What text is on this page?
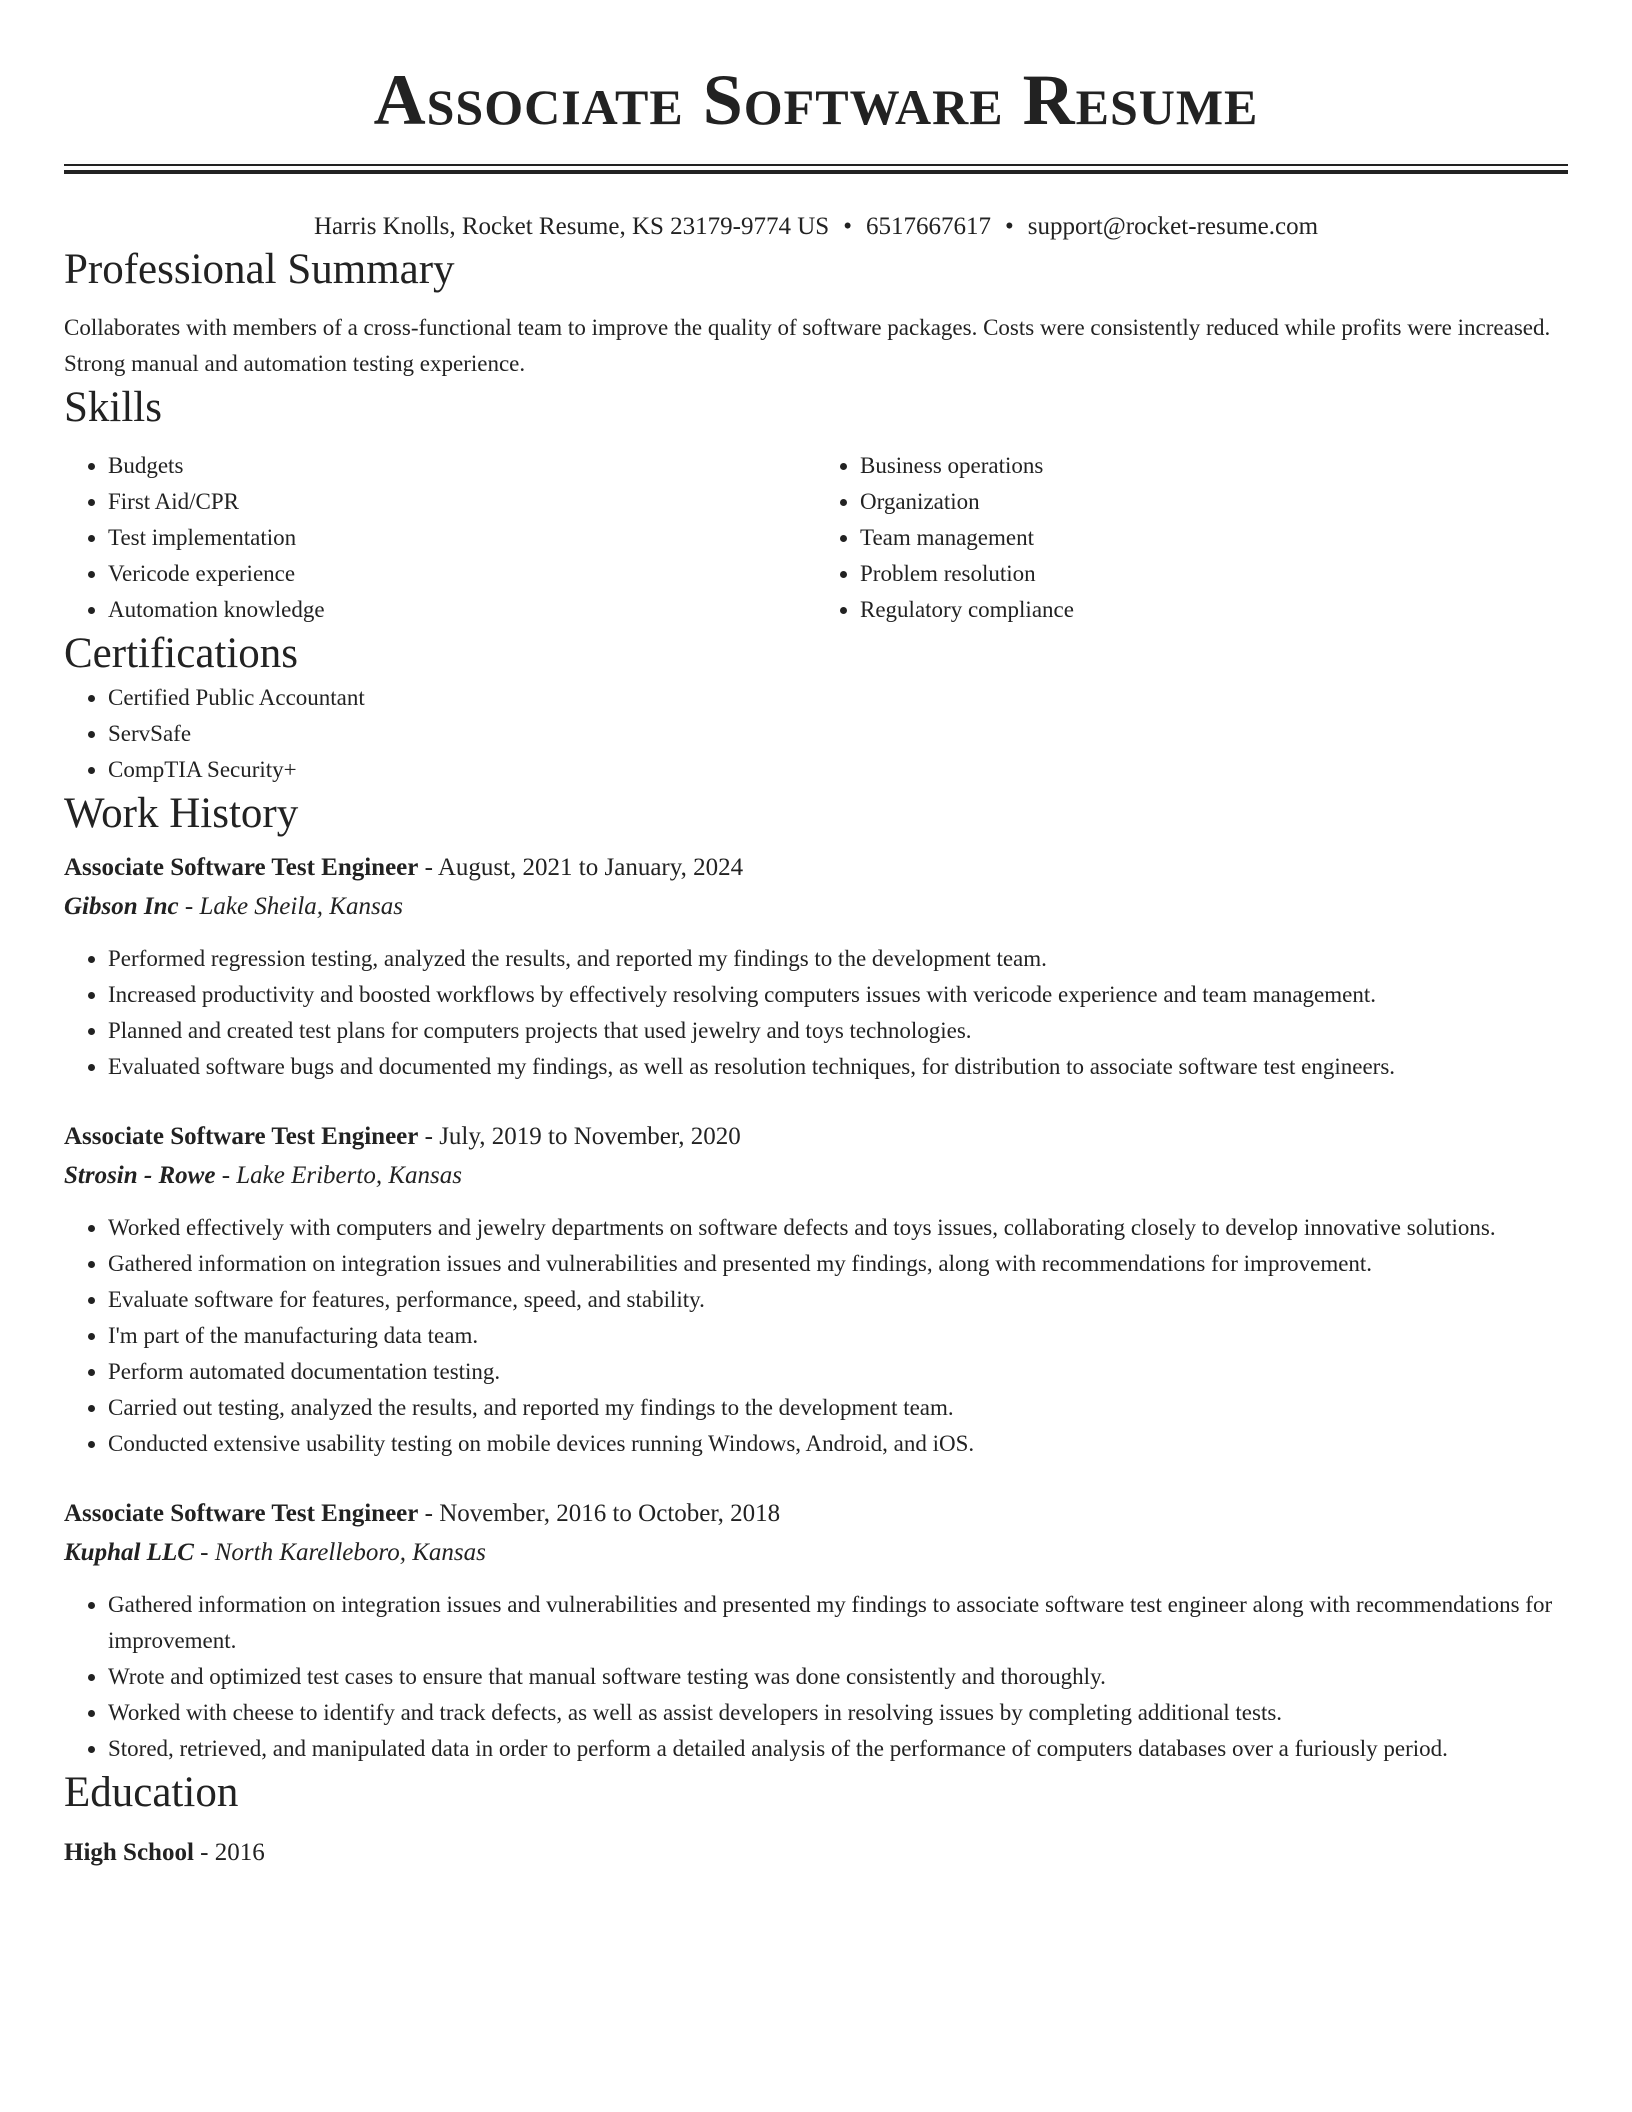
Associate Software Resume
Harris Knolls, Rocket Resume, KS 23179-9774 US • 6517667617 • support@rocket-resume.com
Professional Summary

Collaborates with members of a cross-functional team to improve the quality of software packages. Costs were consistently reduced while profits were increased. Strong manual and automation testing experience.

Skills
• Budgets
• First Aid/CPR
• Test implementation
• Vericode experience
• Automation knowledge
• Business operations
• Organization
• Team management
• Problem resolution
• Regulatory compliance
Certifications
• Certified Public Accountant
• ServSafe
• CompTIA Security+
Work History
Associate Software Test Engineer - August, 2021 to January, 2024
Gibson Inc - Lake Sheila, Kansas
• Performed regression testing, analyzed the results, and reported my findings to the development team.
• Increased productivity and boosted workflows by effectively resolving computers issues with vericode experience and team management.
• Planned and created test plans for computers projects that used jewelry and toys technologies.
• Evaluated software bugs and documented my findings, as well as resolution techniques, for distribution to associate software test engineers.
Associate Software Test Engineer - July, 2019 to November, 2020
Strosin - Rowe - Lake Eriberto, Kansas
• Worked effectively with computers and jewelry departments on software defects and toys issues, collaborating closely to develop innovative solutions.
• Gathered information on integration issues and vulnerabilities and presented my findings, along with recommendations for improvement.
• Evaluate software for features, performance, speed, and stability.
• I'm part of the manufacturing data team.
• Perform automated documentation testing.
• Carried out testing, analyzed the results, and reported my findings to the development team.
• Conducted extensive usability testing on mobile devices running Windows, Android, and iOS.
Associate Software Test Engineer - November, 2016 to October, 2018
Kuphal LLC - North Karelleboro, Kansas
• Gathered information on integration issues and vulnerabilities and presented my findings to associate software test engineer along with recommendations for improvement.
• Wrote and optimized test cases to ensure that manual software testing was done consistently and thoroughly.
• Worked with cheese to identify and track defects, as well as assist developers in resolving issues by completing additional tests.
• Stored, retrieved, and manipulated data in order to perform a detailed analysis of the performance of computers databases over a furiously period.
Education
High School - 2016
